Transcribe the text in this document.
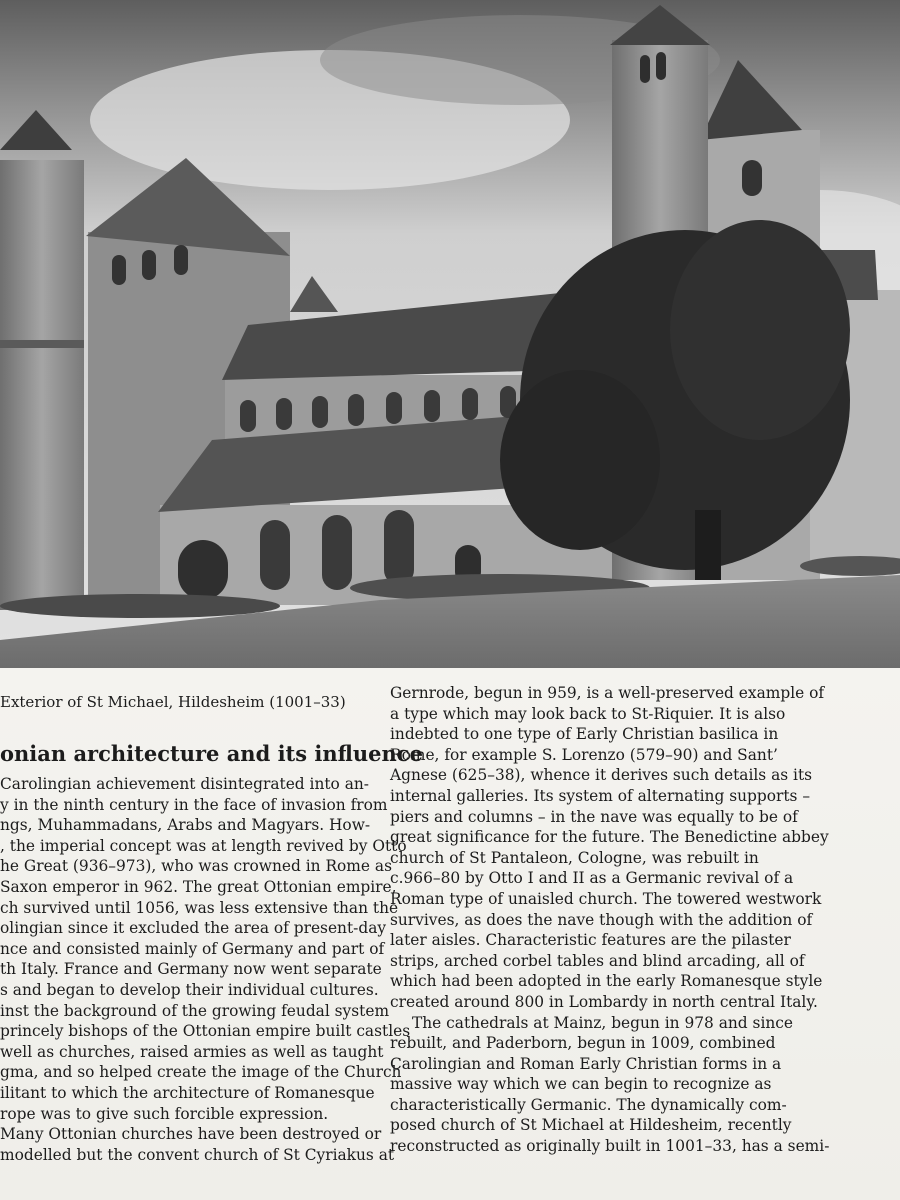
Exterior of St Michael, Hildesheim (1001–33)
onian architecture and its influence
Carolingian achievement disintegrated into an-
y in the ninth century in the face of invasion from
ngs, Muhammadans, Arabs and Magyars. How-
, the imperial concept was at length revived by Otto
he Great (936–973), who was crowned in Rome as
Saxon emperor in 962. The great Ottonian empire,
ch survived until 1056, was less extensive than the
olingian since it excluded the area of present-day
nce and consisted mainly of Germany and part of
th Italy. France and Germany now went separate
s and began to develop their individual cultures.
inst the background of the growing feudal system
princely bishops of the Ottonian empire built castles
well as churches, raised armies as well as taught
gma, and so helped create the image of the Church
ilitant to which the architecture of Romanesque
rope was to give such forcible expression.
Many Ottonian churches have been destroyed or
modelled but the convent church of St Cyriakus at
Gernrode, begun in 959, is a well-preserved example of
a type which may look back to St-Riquier. It is also
indebted to one type of Early Christian basilica in
Rome, for example S. Lorenzo (579–90) and Sant’
Agnese (625–38), whence it derives such details as its
internal galleries. Its system of alternating supports –
piers and columns – in the nave was equally to be of
great significance for the future. The Benedictine abbey
church of St Pantaleon, Cologne, was rebuilt in
c.966–80 by Otto I and II as a Germanic revival of a
Roman type of unaisled church. The towered westwork
survives, as does the nave though with the addition of
later aisles. Characteristic features are the pilaster
strips, arched corbel tables and blind arcading, all of
which had been adopted in the early Romanesque style
created around 800 in Lombardy in north central Italy.
The cathedrals at Mainz, begun in 978 and since
rebuilt, and Paderborn, begun in 1009, combined
Carolingian and Roman Early Christian forms in a
massive way which we can begin to recognize as
characteristically Germanic. The dynamically com-
posed church of St Michael at Hildesheim, recently
reconstructed as originally built in 1001–33, has a semi-
